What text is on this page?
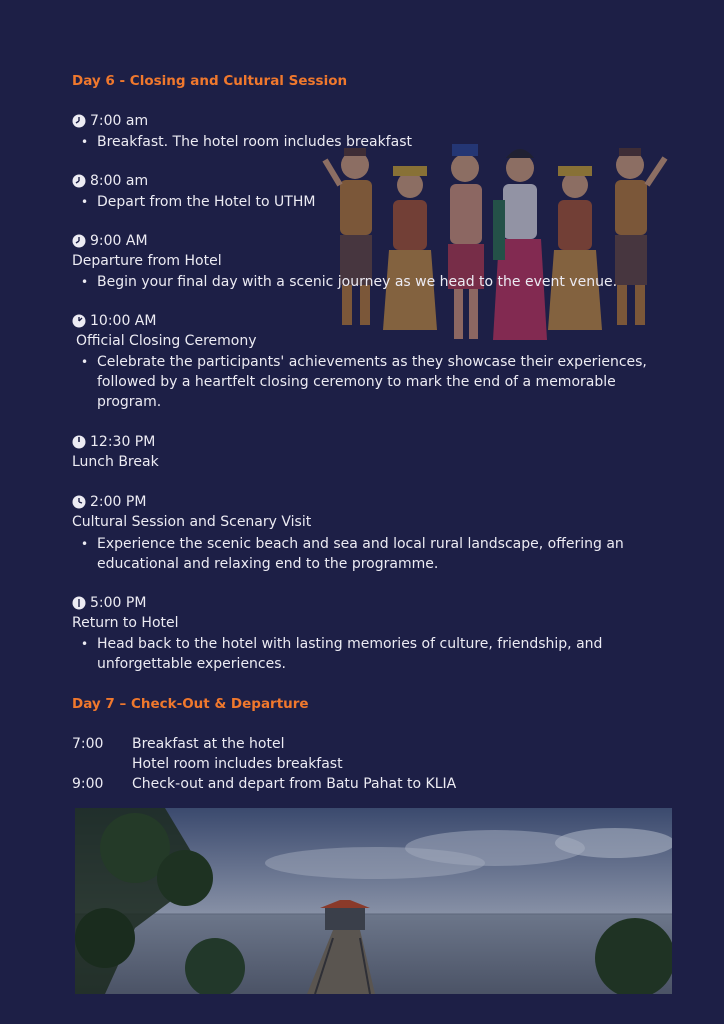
Day 6 - Closing and Cultural Session
7:00 am
• Breakfast. The hotel room includes breakfast
8:00 am
• Depart from the Hotel to UTHM
9:00 AM
Departure from Hotel
• Begin your final day with a scenic journey as we head to the event venue.
10:00 AM
Official Closing Ceremony
• Celebrate the participants' achievements as they showcase their experiences, followed by a heartfelt closing ceremony to mark the end of a memorable program.
12:30 PM
Lunch Break
2:00 PM
Cultural Session and Scenary Visit
• Experience the scenic beach and sea and local rural landscape, offering an educational and relaxing end to the programme.
5:00 PM
Return to Hotel
• Head back to the hotel with lasting memories of culture, friendship, and unforgettable experiences.
Day 7 – Check-Out & Departure
7:00 Breakfast at the hotel
Hotel room includes breakfast
9:00 Check-out and depart from Batu Pahat to KLIA
